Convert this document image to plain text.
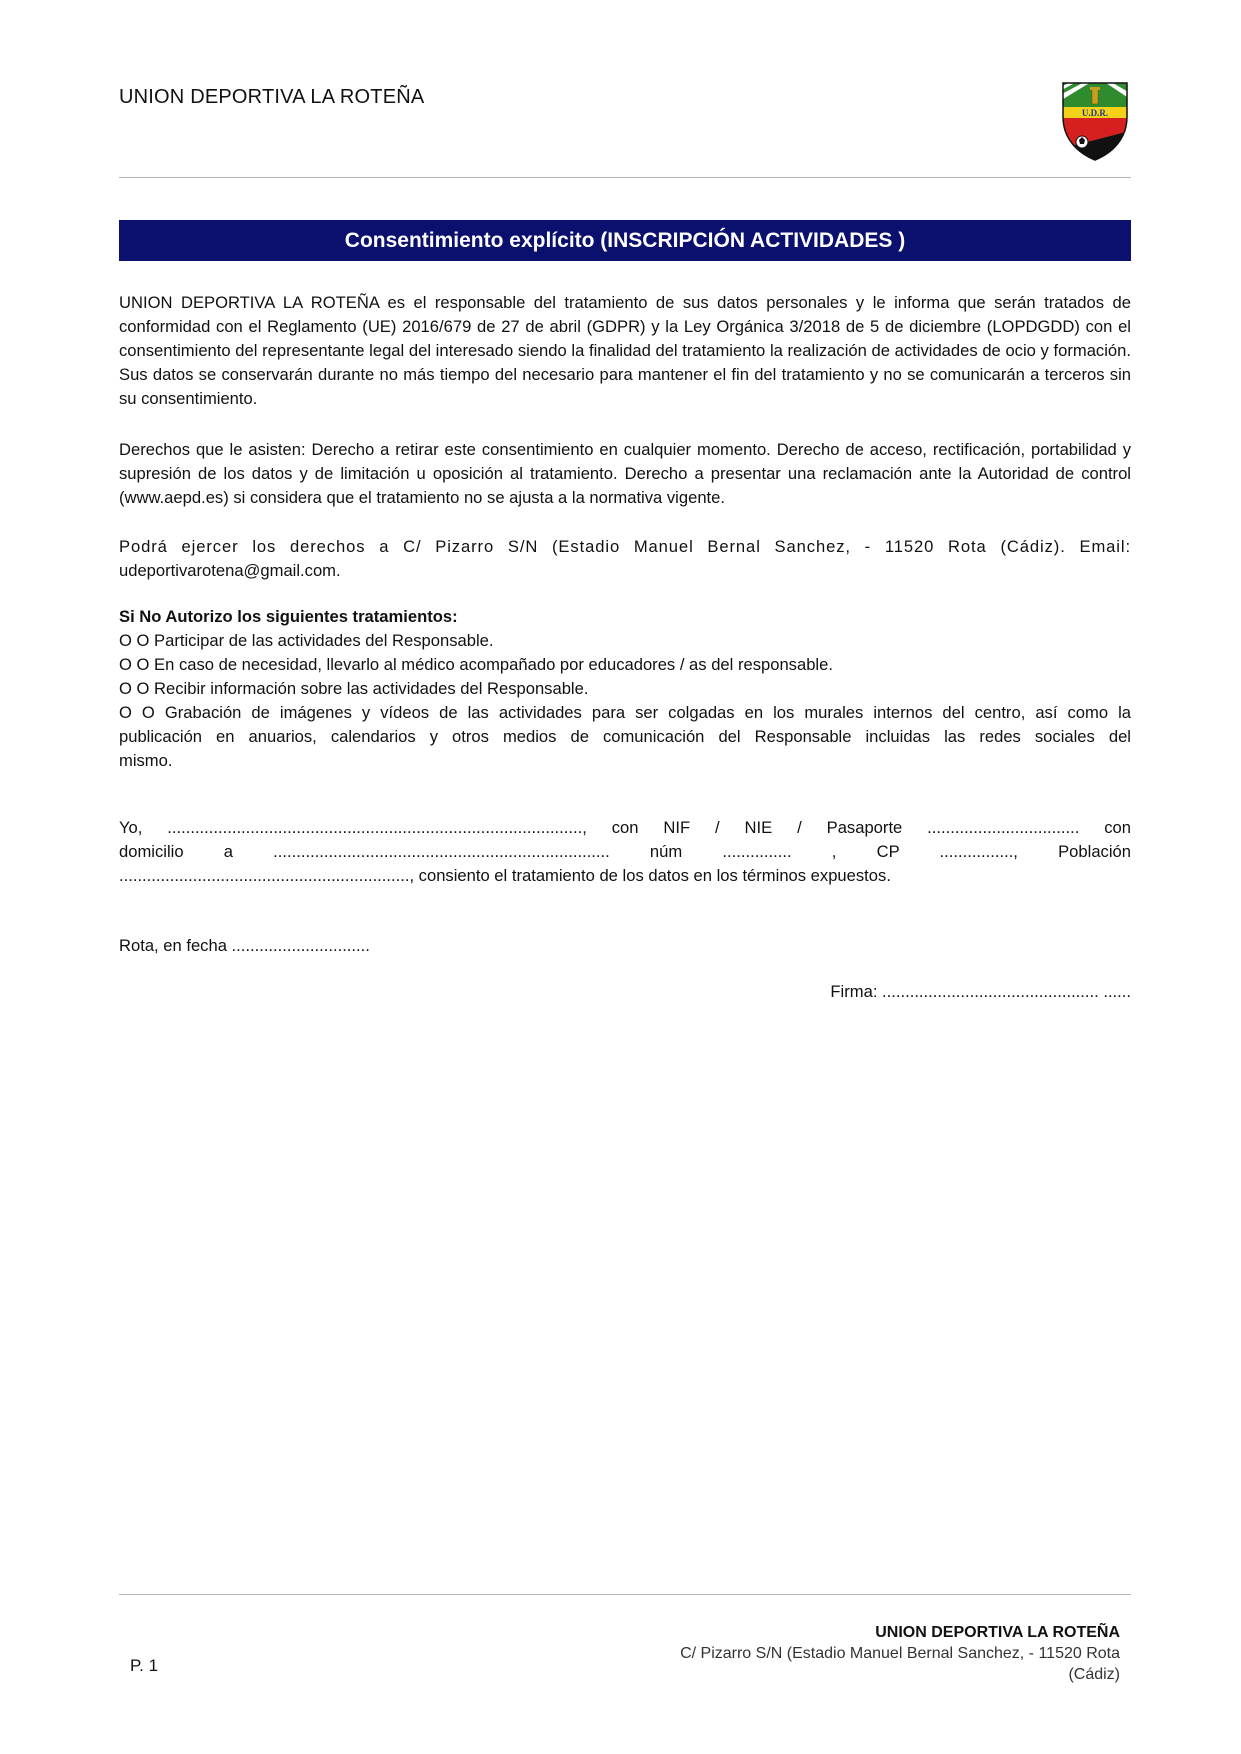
UNION DEPORTIVA LA ROTEÑA
U.D.R.
Consentimiento explícito (INSCRIPCIÓN ACTIVIDADES )

UNION DEPORTIVA LA ROTEÑA es el responsable del tratamiento de sus datos personales y le informa que serán tratados de conformidad con el Reglamento (UE) 2016/679 de 27 de abril (GDPR) y la Ley Orgánica 3/2018 de 5 de diciembre (LOPDGDD) con el consentimiento del representante legal del interesado siendo la finalidad del tratamiento la realización de actividades de ocio y formación. Sus datos se conservarán durante no más tiempo del necesario para mantener el fin del tratamiento y no se comunicarán a terceros sin su consentimiento.

Derechos que le asisten: Derecho a retirar este consentimiento en cualquier momento. Derecho de acceso, rectificación, portabilidad y supresión de los datos y de limitación u oposición al tratamiento. Derecho a presentar una reclamación ante la Autoridad de control (www.aepd.es) si considera que el tratamiento no se ajusta a la normativa vigente.

Podrá ejercer los derechos a C/ Pizarro S/N (Estadio Manuel Bernal Sanchez, - 11520 Rota (Cádiz). Email: udeportivarotena@gmail.com.

Si No Autorizo los siguientes tratamientos:
O O Participar de las actividades del Responsable.
O O En caso de necesidad, llevarlo al médico acompañado por educadores / as del responsable.
O O Recibir información sobre las actividades del Responsable.
O O Grabación de imágenes y vídeos de las actividades para ser colgadas en los murales internos del centro, así como la
publicación en anuarios, calendarios y otros medios de comunicación del Responsable incluidas las redes sociales del
mismo.
Yo, .........................................................................................., con NIF / NIE / Pasaporte ................................. con
domicilio a ......................................................................... núm ............... , CP ................, Población
..............................................................., consiento el tratamiento de los datos en los términos expuestos.
Rota, en fecha ..............................
Firma: ............................................... ......
P. 1
UNION DEPORTIVA LA ROTEÑA
C/ Pizarro S/N (Estadio Manuel Bernal Sanchez, - 11520 Rota
(Cádiz)
